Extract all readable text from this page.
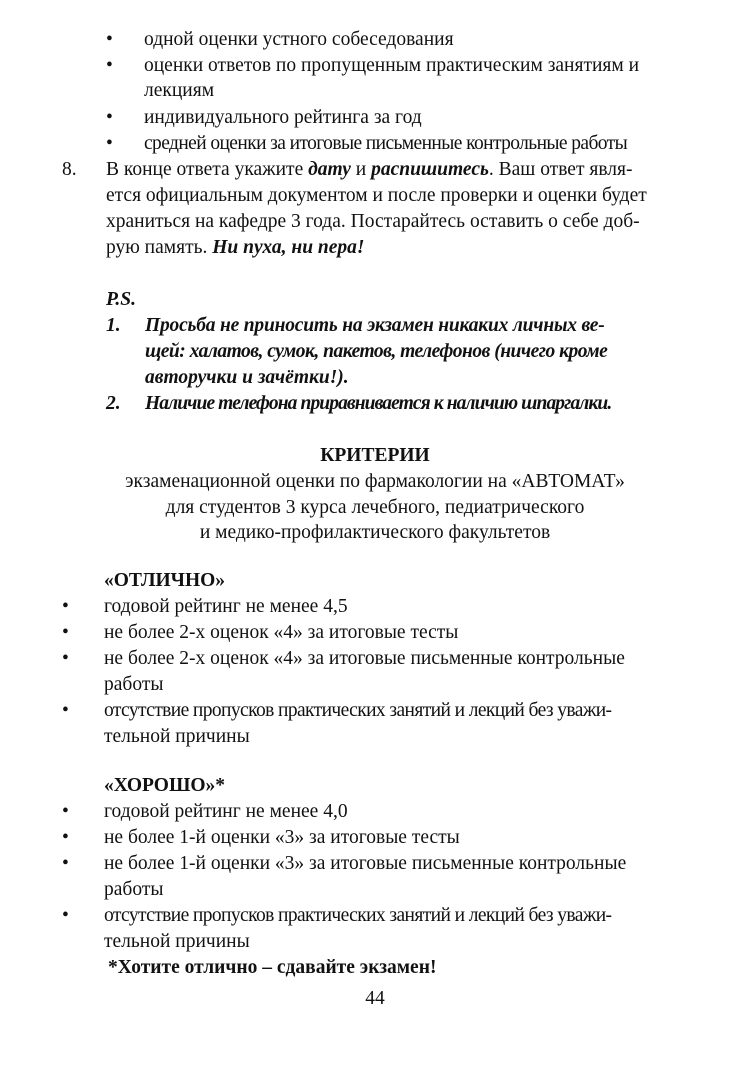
• одной оценки устного собеседования
• оценки ответов по пропущенным практическим занятиям и
лекциям
• индивидуального рейтинга за год
• средней оценки за итоговые письменные контрольные работы
8. В конце ответа укажите дату и распишитесь. Ваш ответ явля-
ется официальным документом и после проверки и оценки будет
храниться на кафедре 3 года. Постарайтесь оставить о себе доб-
рую память. Ни пуха, ни пера!
P.S.
1. Просьба не приносить на экзамен никаких личных ве-
щей: халатов, сумок, пакетов, телефонов (ничего кроме
авторучки и зачётки!).
2. Наличие телефона приравнивается к наличию шпаргалки.
КРИТЕРИИ
экзаменационной оценки по фармакологии на «АВТОМАТ»
для студентов 3 курса лечебного, педиатрического
и медико-профилактического факультетов
«ОТЛИЧНО»
• годовой рейтинг не менее 4,5
• не более 2-х оценок «4» за итоговые тесты
• не более 2-х оценок «4» за итоговые письменные контрольные
работы
• отсутствие пропусков практических занятий и лекций без уважи-
тельной причины
«ХОРОШО»*
• годовой рейтинг не менее 4,0
• не более 1-й оценки «3» за итоговые тесты
• не более 1-й оценки «3» за итоговые письменные контрольные
работы
• отсутствие пропусков практических занятий и лекций без уважи-
тельной причины
*Хотите отлично – сдавайте экзамен!
44
